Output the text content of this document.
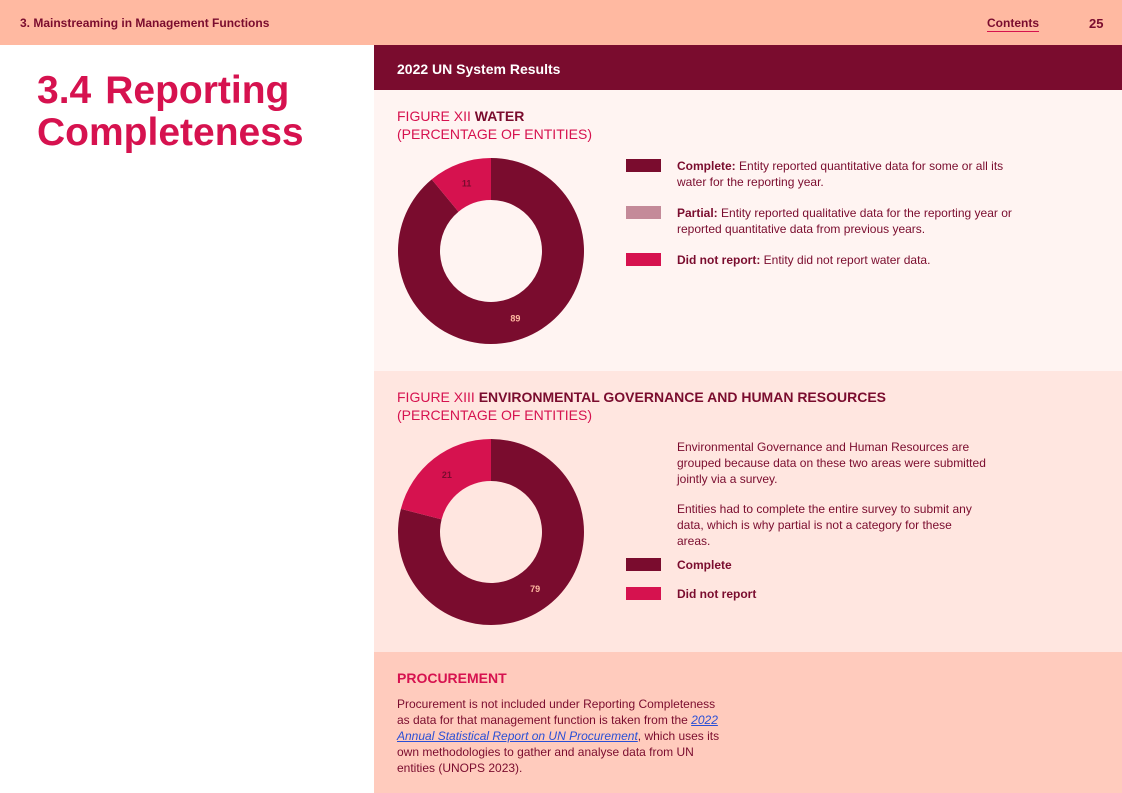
3. Mainstreaming in Management Functions	Contents	25
3.4 Reporting
Completeness
2022 UN System Results
FIGURE XII WATER
(PERCENTAGE OF ENTITIES)
89
11
Complete: Entity reported quantitative data for some or all its water for the reporting year.
Partial: Entity reported qualitative data for the reporting year or reported quantitative data from previous years.
Did not report: Entity did not report water data.
FIGURE XIII ENVIRONMENTAL GOVERNANCE AND HUMAN RESOURCES
(PERCENTAGE OF ENTITIES)
79
21
Environmental Governance and Human Resources are grouped because data on these two areas were submitted jointly via a survey.
Entities had to complete the entire survey to submit any data, which is why partial is not a category for these areas.
Complete
Did not report
PROCUREMENT
Procurement is not included under Reporting Completeness as data for that management function is taken from the 2022 Annual Statistical Report on UN Procurement, which uses its own methodologies to gather and analyse data from UN entities (UNOPS 2023).
